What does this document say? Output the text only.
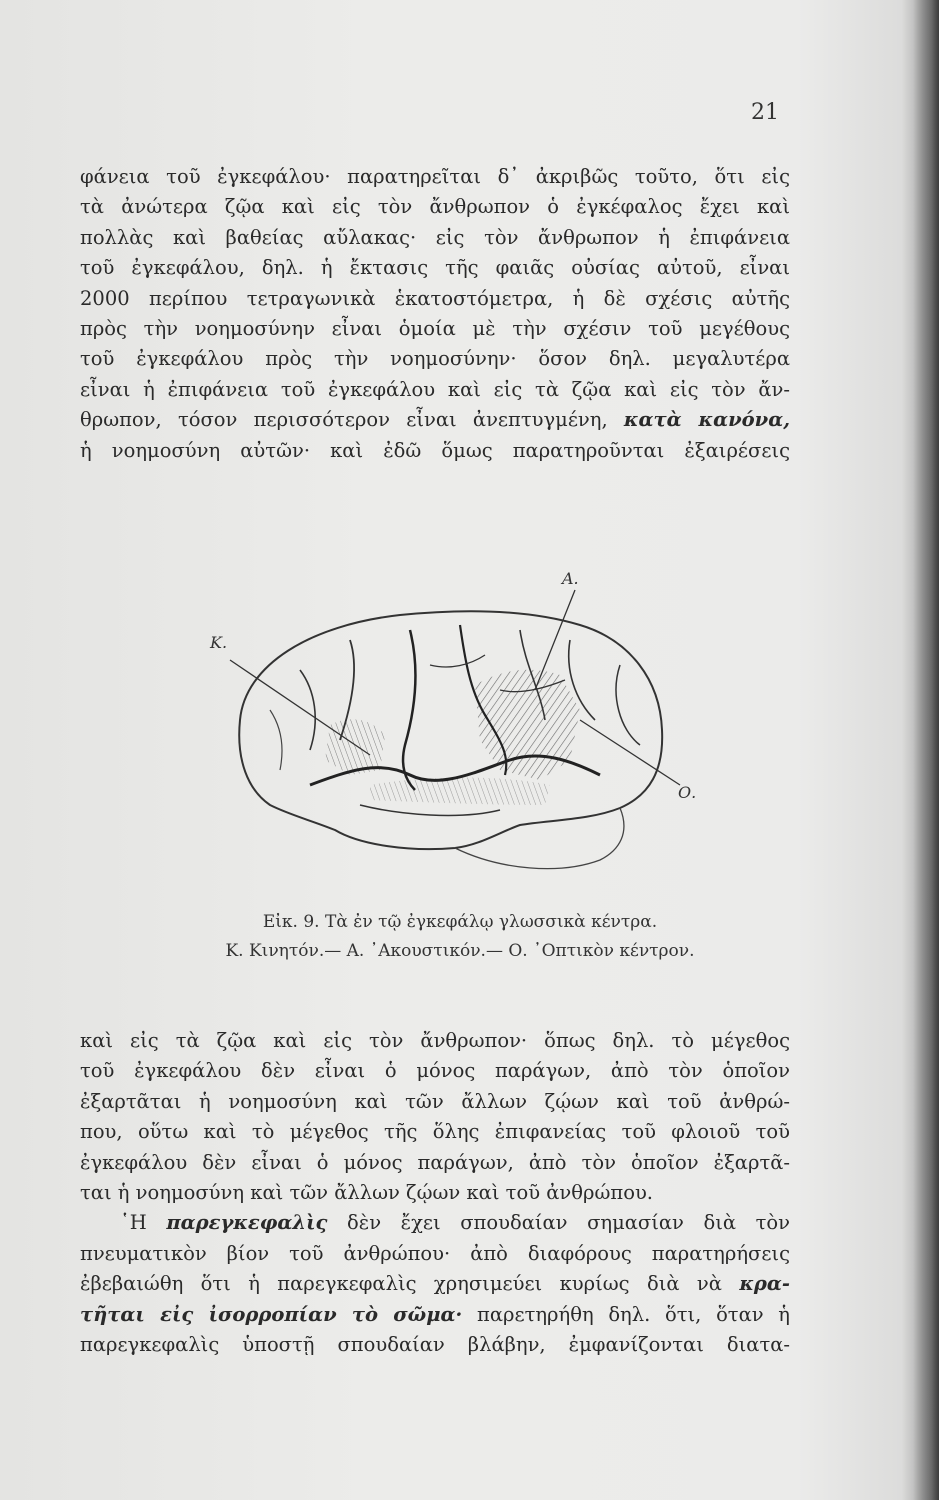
21
φάνεια τοῦ ἐγκεφάλου· παρατηρεῖται δ᾽ ἀκριβῶς τοῦτο, ὅτι εἰς
τὰ ἀνώτερα ζῷα καὶ εἰς τὸν ἄνθρωπον ὁ ἐγκέφαλος ἔχει καὶ
πολλὰς καὶ βαθείας αὔλακας· εἰς τὸν ἄνθρωπον ἡ ἐπιφάνεια
τοῦ ἐγκεφάλου, δηλ. ἡ ἔκτασις τῆς φαιᾶς οὐσίας αὐτοῦ, εἶναι
2000 περίπου τετραγωνικὰ ἑκατοστόμετρα, ἡ δὲ σχέσις αὐτῆς
πρὸς τὴν νοημοσύνην εἶναι ὁμοία μὲ τὴν σχέσιν τοῦ μεγέθους
τοῦ ἐγκεφάλου πρὸς τὴν νοημοσύνην· ὅσον δηλ. μεγαλυτέρα
εἶναι ἡ ἐπιφάνεια τοῦ ἐγκεφάλου καὶ εἰς τὰ ζῷα καὶ εἰς τὸν ἄν-
θρωπον, τόσον περισσότερον εἶναι ἀνεπτυγμένη, κατὰ κανόνα,
ἡ νοημοσύνη αὐτῶν· καὶ ἐδῶ ὅμως παρατηροῦνται ἐξαιρέσεις
Κ.
Α.
Ο.
Εἰκ. 9. Τὰ ἐν τῷ ἐγκεφάλῳ γλωσσικὰ κέντρα.
Κ. Κινητόν.— Α. ᾽Ακουστικόν.— Ο. ᾽Οπτικὸν κέντρον.
καὶ εἰς τὰ ζῷα καὶ εἰς τὸν ἄνθρωπον· ὅπως δηλ. τὸ μέγεθος
τοῦ ἐγκεφάλου δὲν εἶναι ὁ μόνος παράγων, ἀπὸ τὸν ὁποῖον
ἐξαρτᾶται ἡ νοημοσύνη καὶ τῶν ἄλλων ζῴων καὶ τοῦ ἀνθρώ-
που, οὕτω καὶ τὸ μέγεθος τῆς ὅλης ἐπιφανείας τοῦ φλοιοῦ τοῦ
ἐγκεφάλου δὲν εἶναι ὁ μόνος παράγων, ἀπὸ τὸν ὁποῖον ἐξαρτᾶ-
ται ἡ νοημοσύνη καὶ τῶν ἄλλων ζῴων καὶ τοῦ ἀνθρώπου.
῾Η παρεγκεφαλὶς δὲν ἔχει σπουδαίαν σημασίαν διὰ τὸν
πνευματικὸν βίον τοῦ ἀνθρώπου· ἀπὸ διαφόρους παρατηρήσεις
ἐβεβαιώθη ὅτι ἡ παρεγκεφαλὶς χρησιμεύει κυρίως διὰ νὰ κρα-
τῆται εἰς ἰσορροπίαν τὸ σῶμα· παρετηρήθη δηλ. ὅτι, ὅταν ἡ
παρεγκεφαλὶς ὑποστῇ σπουδαίαν βλάβην, ἐμφανίζονται διατα-
